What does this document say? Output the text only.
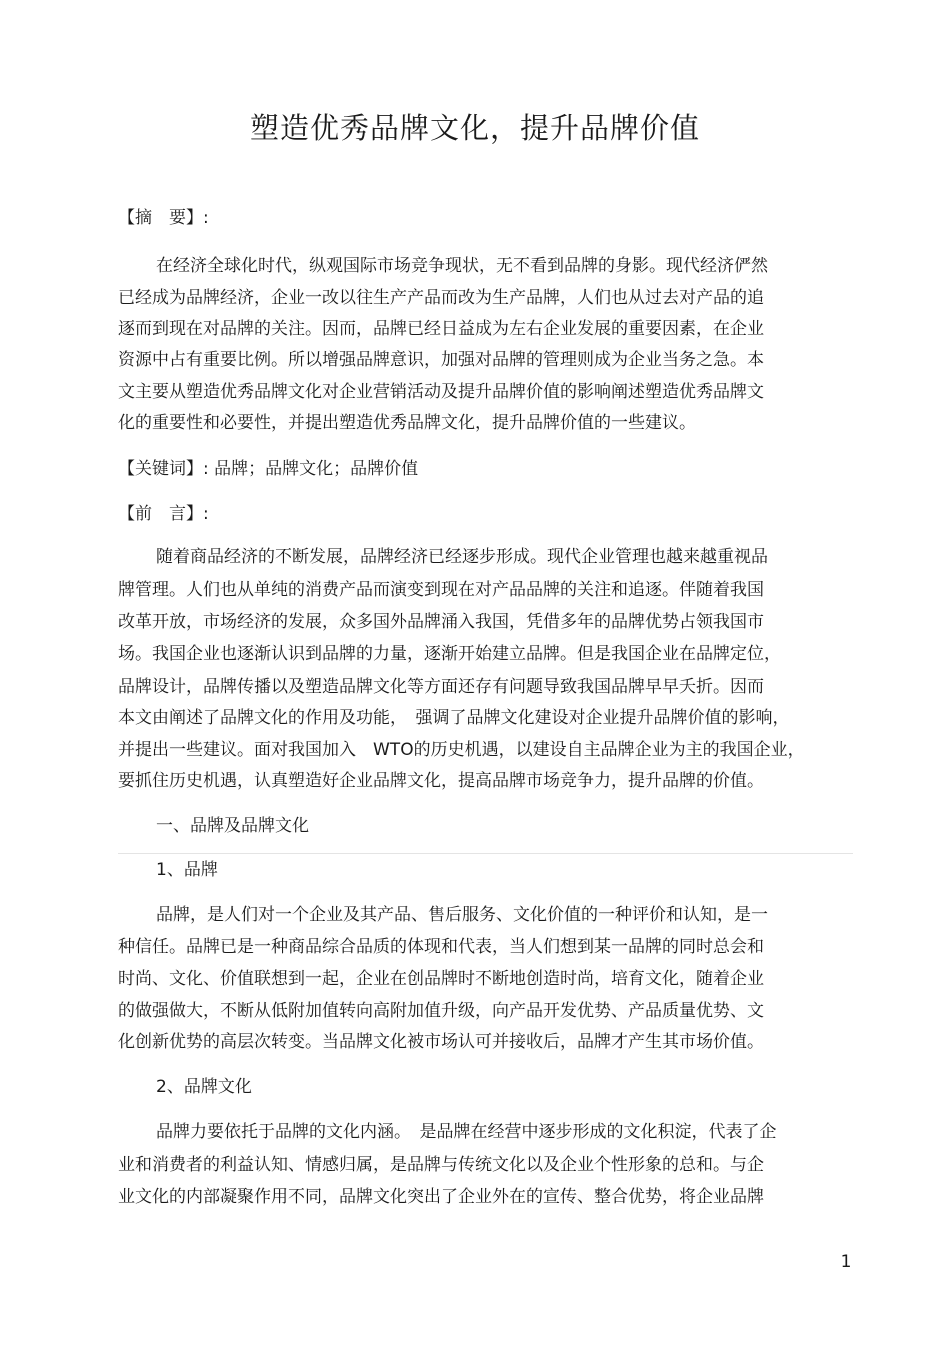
塑造优秀品牌文化，提升品牌价值
【摘　要】:
在经济全球化时代，纵观国际市场竞争现状，无不看到品牌的身影。现代经济俨然
已经成为品牌经济，企业一改以往生产产品而改为生产品牌，人们也从过去对产品的追
逐而到现在对品牌的关注。因而，品牌已经日益成为左右企业发展的重要因素，在企业
资源中占有重要比例。所以增强品牌意识，加强对品牌的管理则成为企业当务之急。本
文主要从塑造优秀品牌文化对企业营销活动及提升品牌价值的影响阐述塑造优秀品牌文
化的重要性和必要性，并提出塑造优秀品牌文化，提升品牌价值的一些建议。
【关键词】: 品牌；品牌文化；品牌价值
【前　言】:
随着商品经济的不断发展，品牌经济已经逐步形成。现代企业管理也越来越重视品
牌管理。人们也从单纯的消费产品而演变到现在对产品品牌的关注和追逐。伴随着我国
改革开放，市场经济的发展，众多国外品牌涌入我国，凭借多年的品牌优势占领我国市
场。我国企业也逐渐认识到品牌的力量，逐渐开始建立品牌。但是我国企业在品牌定位，
品牌设计，品牌传播以及塑造品牌文化等方面还存有问题导致我国品牌早早夭折。因而
本文由阐述了品牌文化的作用及功能，　强调了品牌文化建设对企业提升品牌价值的影响，
并提出一些建议。面对我国加入　WTO的历史机遇，以建设自主品牌企业为主的我国企业，
要抓住历史机遇，认真塑造好企业品牌文化，提高品牌市场竞争力，提升品牌的价值。
一、品牌及品牌文化
1、品牌
品牌，是人们对一个企业及其产品、售后服务、文化价值的一种评价和认知，是一
种信任。品牌已是一种商品综合品质的体现和代表，当人们想到某一品牌的同时总会和
时尚、文化、价值联想到一起，企业在创品牌时不断地创造时尚，培育文化，随着企业
的做强做大，不断从低附加值转向高附加值升级，向产品开发优势、产品质量优势、文
化创新优势的高层次转变。当品牌文化被市场认可并接收后，品牌才产生其市场价值。
2、品牌文化
品牌力要依托于品牌的文化内涵。　是品牌在经营中逐步形成的文化积淀，代表了企
业和消费者的利益认知、情感归属，是品牌与传统文化以及企业个性形象的总和。与企
业文化的内部凝聚作用不同，品牌文化突出了企业外在的宣传、整合优势，将企业品牌
1
